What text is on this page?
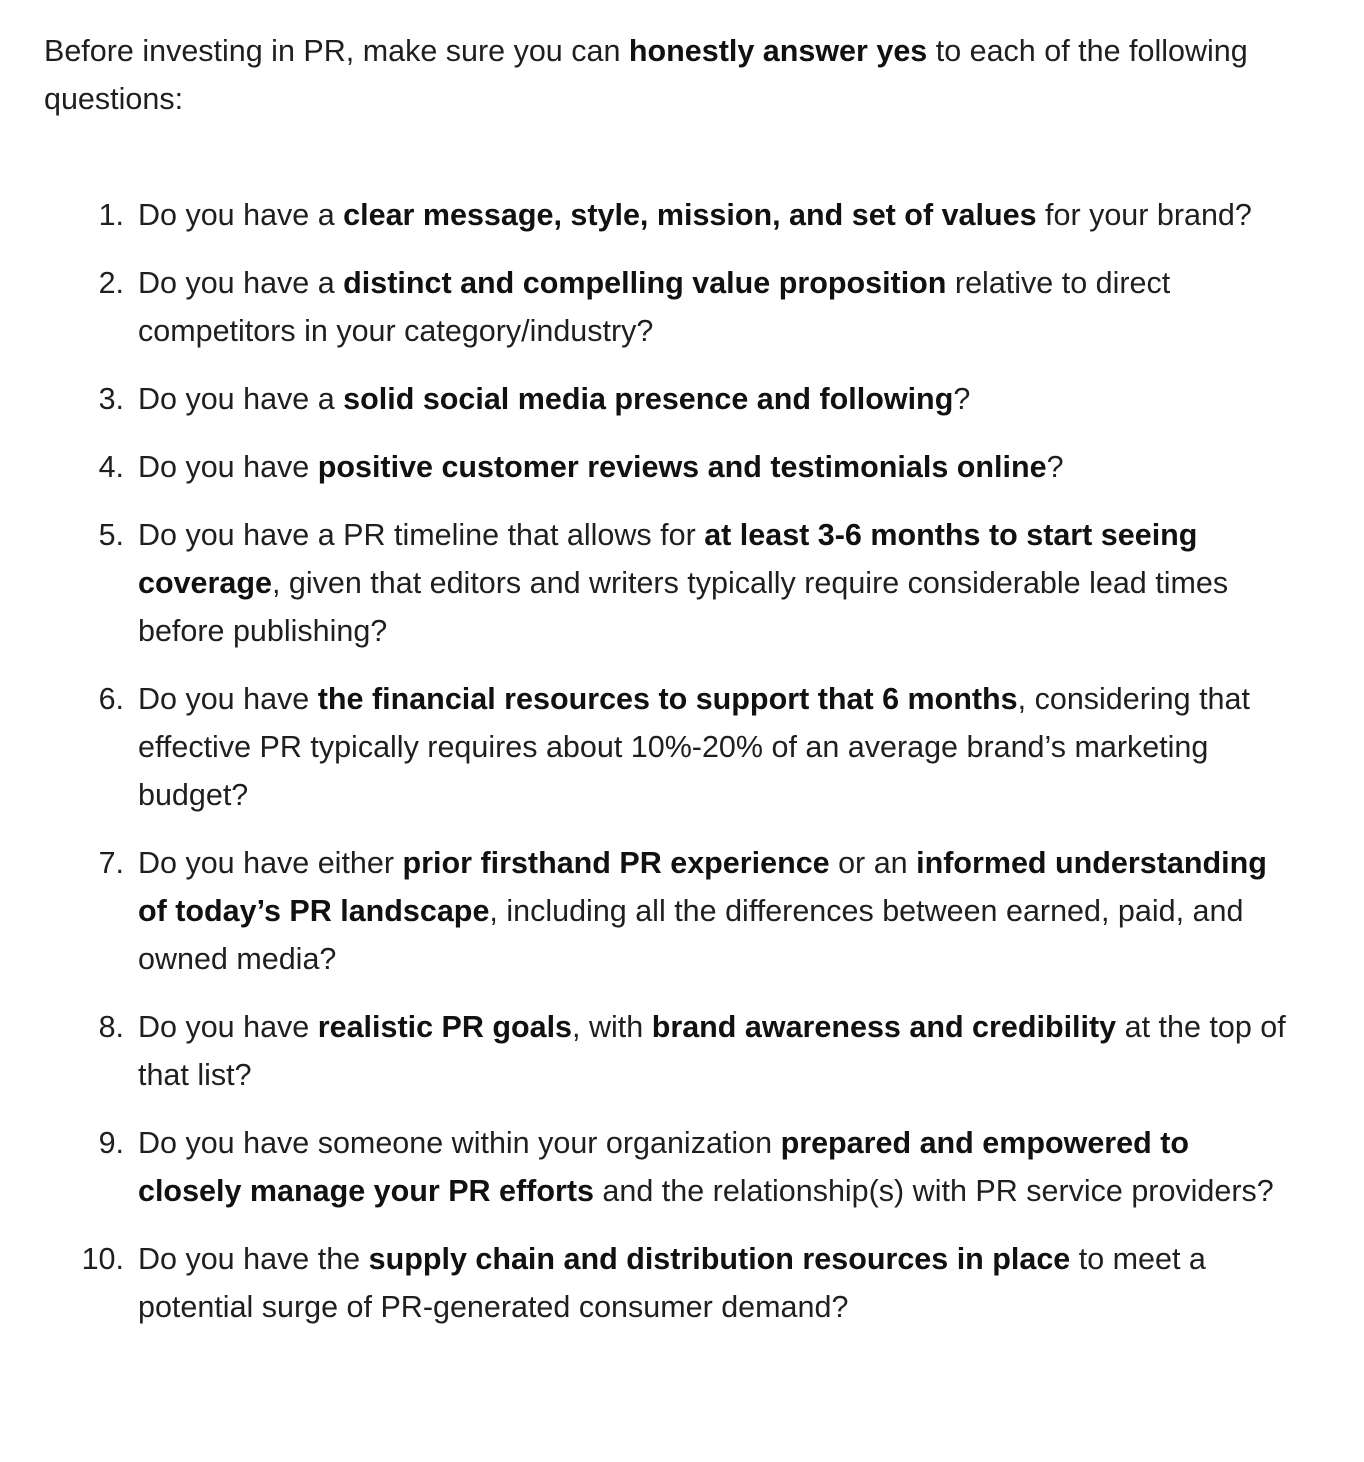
Before investing in PR, make sure you can honestly answer yes to each of the following questions:

1. Do you have a clear message, style, mission, and set of values for your brand?
2. Do you have a distinct and compelling value proposition relative to direct competitors in your category/industry?
3. Do you have a solid social media presence and following?
4. Do you have positive customer reviews and testimonials online?
5. Do you have a PR timeline that allows for at least 3-6 months to start seeing coverage, given that editors and writers typically require considerable lead times before publishing?
6. Do you have the financial resources to support that 6 months, considering that effective PR typically requires about 10%-20% of an average brand’s marketing budget?
7. Do you have either prior firsthand PR experience or an informed understanding of today’s PR landscape, including all the differences between earned, paid, and owned media?
8. Do you have realistic PR goals, with brand awareness and credibility at the top of that list?
9. Do you have someone within your organization prepared and empowered to closely manage your PR efforts and the relationship(s) with PR service providers?
10. Do you have the supply chain and distribution resources in place to meet a potential surge of PR-generated consumer demand?
